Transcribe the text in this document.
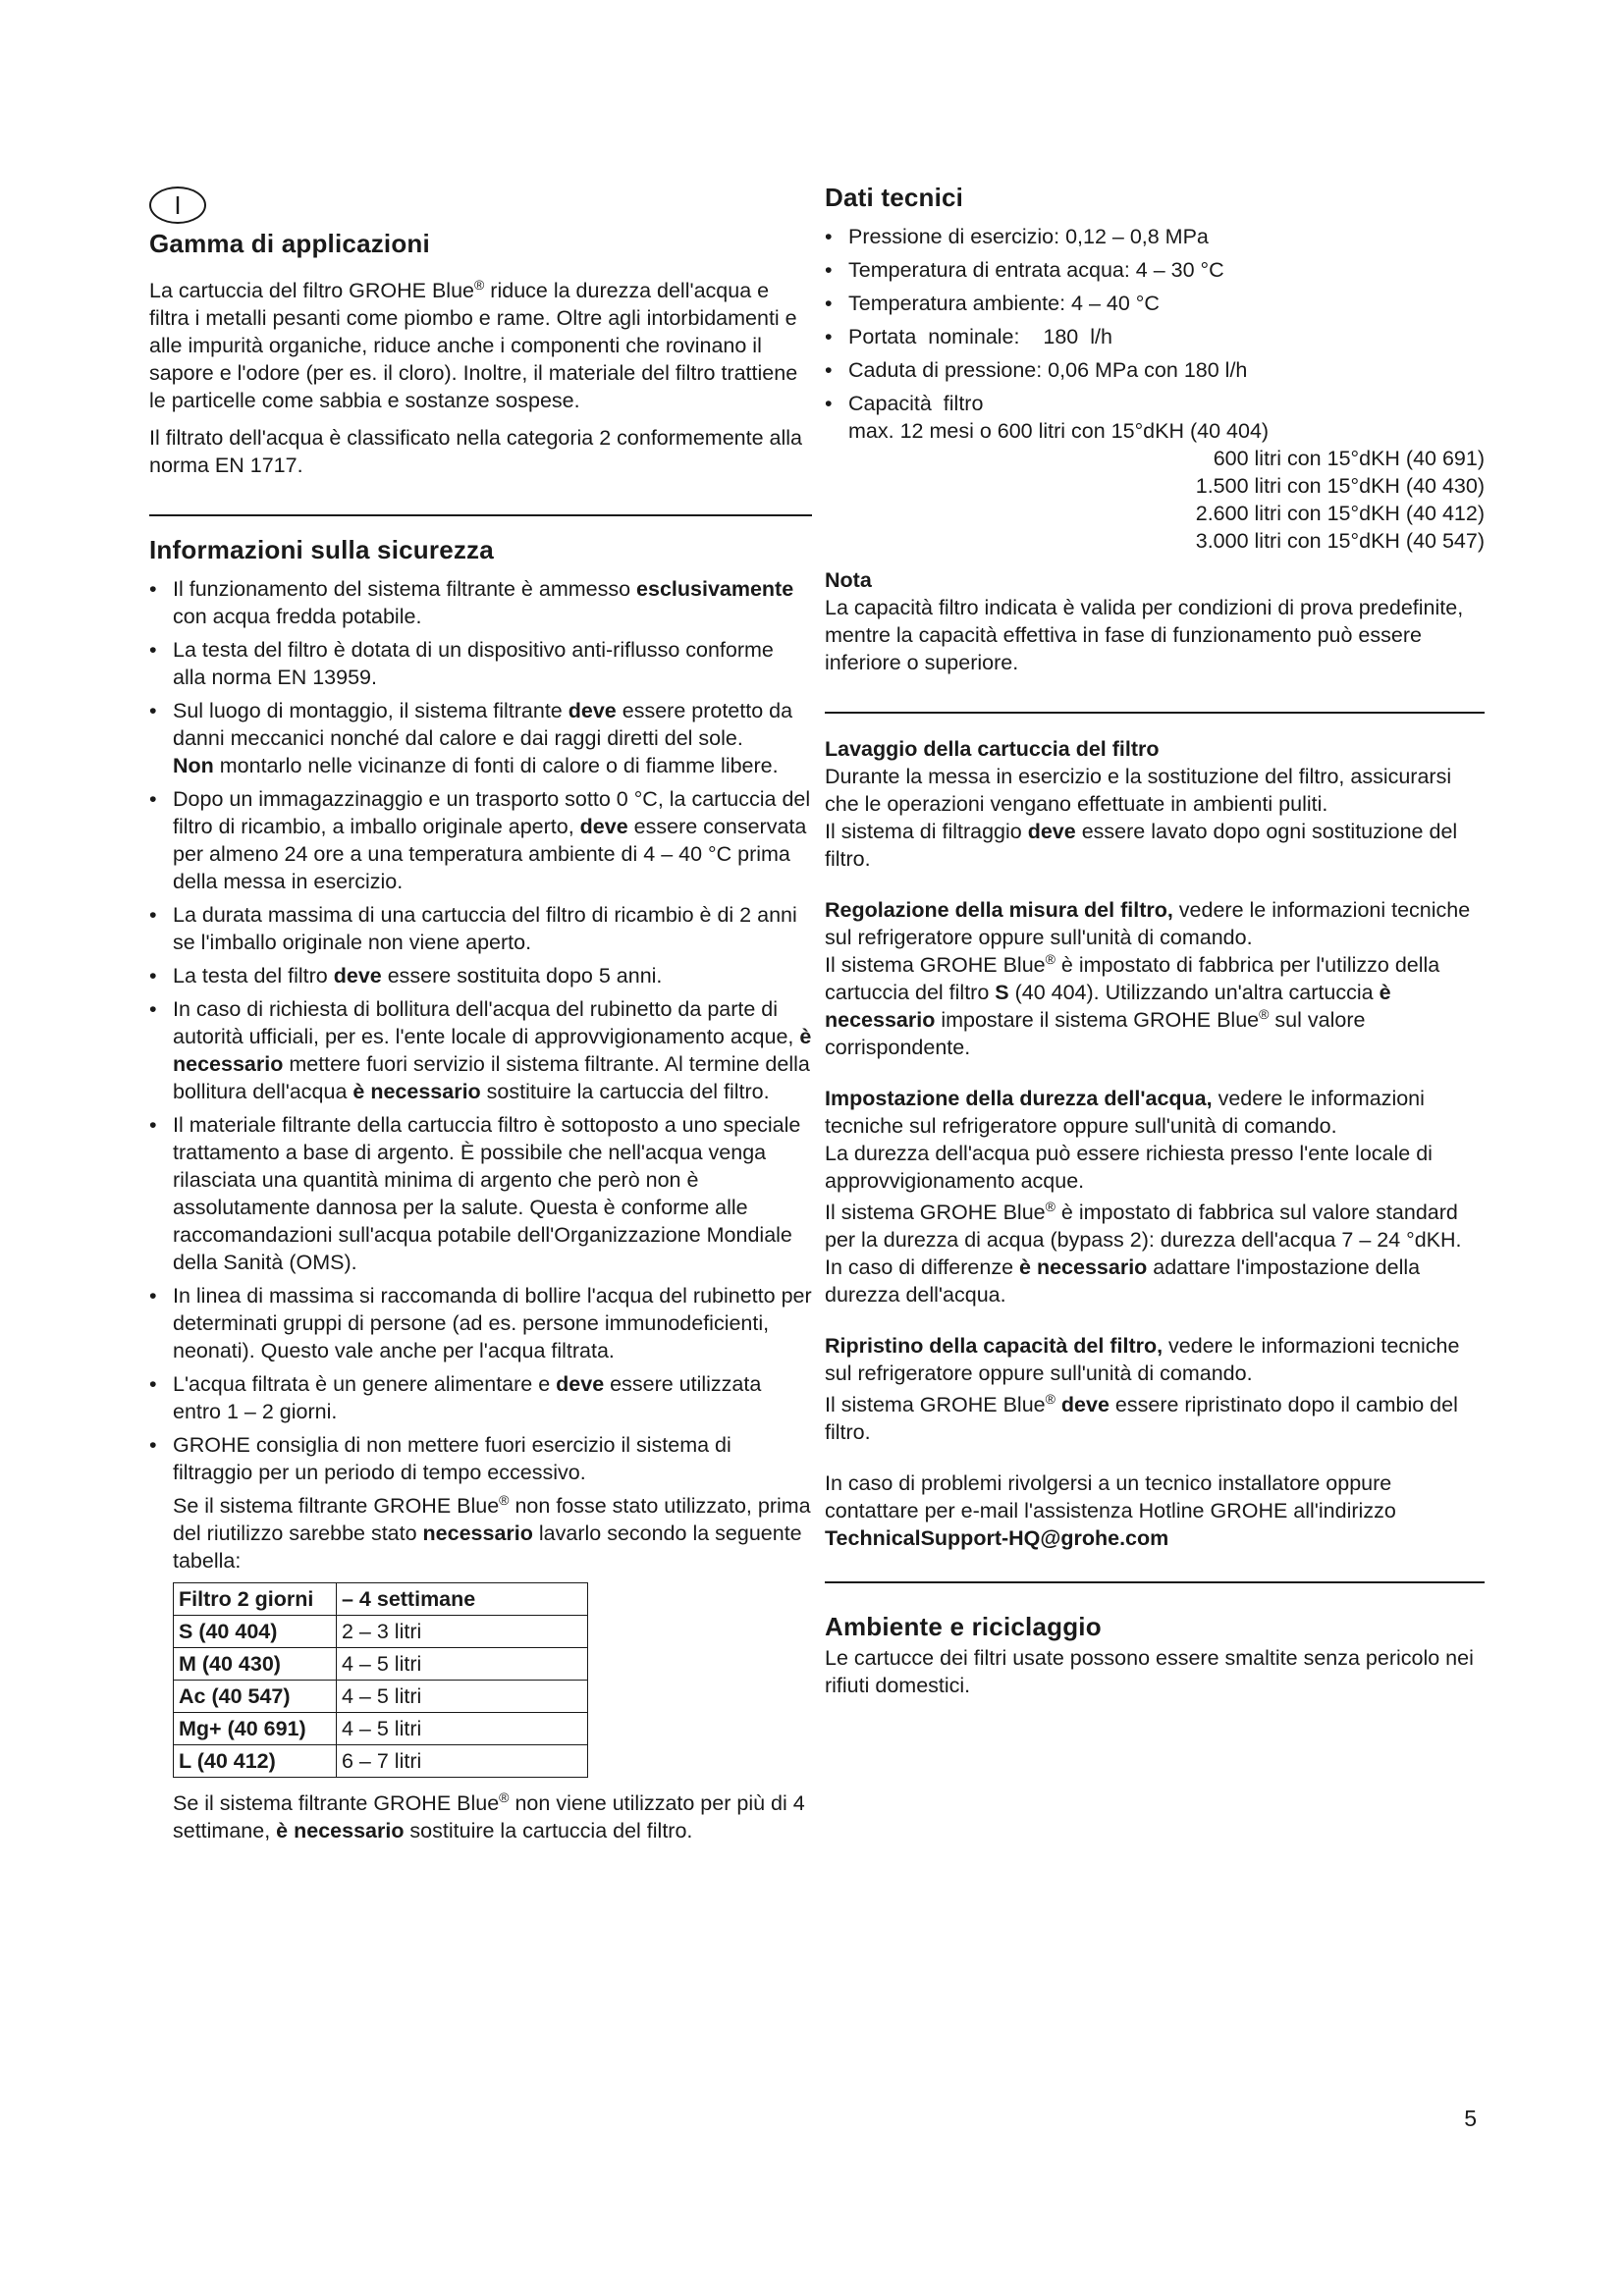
I
Gamma di applicazioni

La cartuccia del filtro GROHE Blue® riduce la durezza dell'acqua e filtra i metalli pesanti come piombo e rame. Oltre agli intorbidamenti e alle impurità organiche, riduce anche i componenti che rovinano il sapore e l'odore (per es. il cloro). Inoltre, il materiale del filtro trattiene le particelle come sabbia e sostanze sospese.

Il filtrato dell'acqua è classificato nella categoria 2 conformemente alla norma EN 1717.

Informazioni sulla sicurezza
• Il funzionamento del sistema filtrante è ammesso esclusivamente con acqua fredda potabile.
• La testa del filtro è dotata di un dispositivo anti-riflusso conforme alla norma EN 13959.
• Sul luogo di montaggio, il sistema filtrante deve essere protetto da danni meccanici nonché dal calore e dai raggi diretti del sole.
Non montarlo nelle vicinanze di fonti di calore o di fiamme libere.
• Dopo un immagazzinaggio e un trasporto sotto 0 °C, la cartuccia del filtro di ricambio, a imballo originale aperto, deve essere conservata per almeno 24 ore a una temperatura ambiente di 4 – 40 °C prima della messa in esercizio.
• La durata massima di una cartuccia del filtro di ricambio è di 2 anni se l'imballo originale non viene aperto.
• La testa del filtro deve essere sostituita dopo 5 anni.
• In caso di richiesta di bollitura dell'acqua del rubinetto da parte di autorità ufficiali, per es. l'ente locale di approvvigionamento acque, è necessario mettere fuori servizio il sistema filtrante. Al termine della bollitura dell'acqua è necessario sostituire la cartuccia del filtro.
• Il materiale filtrante della cartuccia filtro è sottoposto a uno speciale trattamento a base di argento. È possibile che nell'acqua venga rilasciata una quantità minima di argento che però non è assolutamente dannosa per la salute. Questa è conforme alle raccomandazioni sull'acqua potabile dell'Organizzazione Mondiale della Sanità (OMS).
• In linea di massima si raccomanda di bollire l'acqua del rubinetto per determinati gruppi di persone (ad es. persone immunodeficienti, neonati). Questo vale anche per l'acqua filtrata.
• L'acqua filtrata è un genere alimentare e deve essere utilizzata entro 1 – 2 giorni.
• GROHE consiglia di non mettere fuori esercizio il sistema di filtraggio per un periodo di tempo eccessivo.
Se il sistema filtrante GROHE Blue® non fosse stato utilizzato, prima del riutilizzo sarebbe stato necessario lavarlo secondo la seguente tabella:
Filtro 2 giorni	– 4 settimane
S (40 404)	2 – 3 litri
M (40 430)	4 – 5 litri
Ac (40 547)	4 – 5 litri
Mg+ (40 691)	4 – 5 litri
L (40 412)	6 – 7 litri
Se il sistema filtrante GROHE Blue® non viene utilizzato per più di 4 settimane, è necessario sostituire la cartuccia del filtro.
Dati tecnici
• Pressione di esercizio: 0,12 – 0,8 MPa
• Temperatura di entrata acqua: 4 – 30 °C
• Temperatura ambiente: 4 – 40 °C
• Portata  nominale:    180  l/h
• Caduta di pressione: 0,06 MPa con 180 l/h
• Capacità  filtro
max. 12 mesi o 600 litri con 15°dKH (40 404)
600 litri con 15°dKH (40 691)
1.500 litri con 15°dKH (40 430)
2.600 litri con 15°dKH (40 412)
3.000 litri con 15°dKH (40 547)
Nota

La capacità filtro indicata è valida per condizioni di prova predefinite, mentre la capacità effettiva in fase di funzionamento può essere inferiore o superiore.

Lavaggio della cartuccia del filtro
Durante la messa in esercizio e la sostituzione del filtro, assicurarsi che le operazioni vengano effettuate in ambienti puliti.

Il sistema di filtraggio deve essere lavato dopo ogni sostituzione del filtro.

Regolazione della misura del filtro, vedere le informazioni tecniche sul refrigeratore oppure sull'unità di comando.

Il sistema GROHE Blue® è impostato di fabbrica per l'utilizzo della cartuccia del filtro S (40 404). Utilizzando un'altra cartuccia è necessario impostare il sistema GROHE Blue® sul valore corrispondente.

Impostazione della durezza dell'acqua, vedere le informazioni tecniche sul refrigeratore oppure sull'unità di comando.
La durezza dell'acqua può essere richiesta presso l'ente locale di approvvigionamento acque.

Il sistema GROHE Blue® è impostato di fabbrica sul valore standard per la durezza di acqua (bypass 2): durezza dell'acqua 7 – 24 °dKH. In caso di differenze è necessario adattare l'impostazione della durezza dell'acqua.

Ripristino della capacità del filtro, vedere le informazioni tecniche sul refrigeratore oppure sull'unità di comando.

Il sistema GROHE Blue® deve essere ripristinato dopo il cambio del filtro.

In caso di problemi rivolgersi a un tecnico installatore oppure contattare per e-mail l'assistenza Hotline GROHE all'indirizzo
TechnicalSupport-HQ@grohe.com
Ambiente e riciclaggio
Le cartucce dei filtri usate possono essere smaltite senza pericolo nei rifiuti domestici.
5
